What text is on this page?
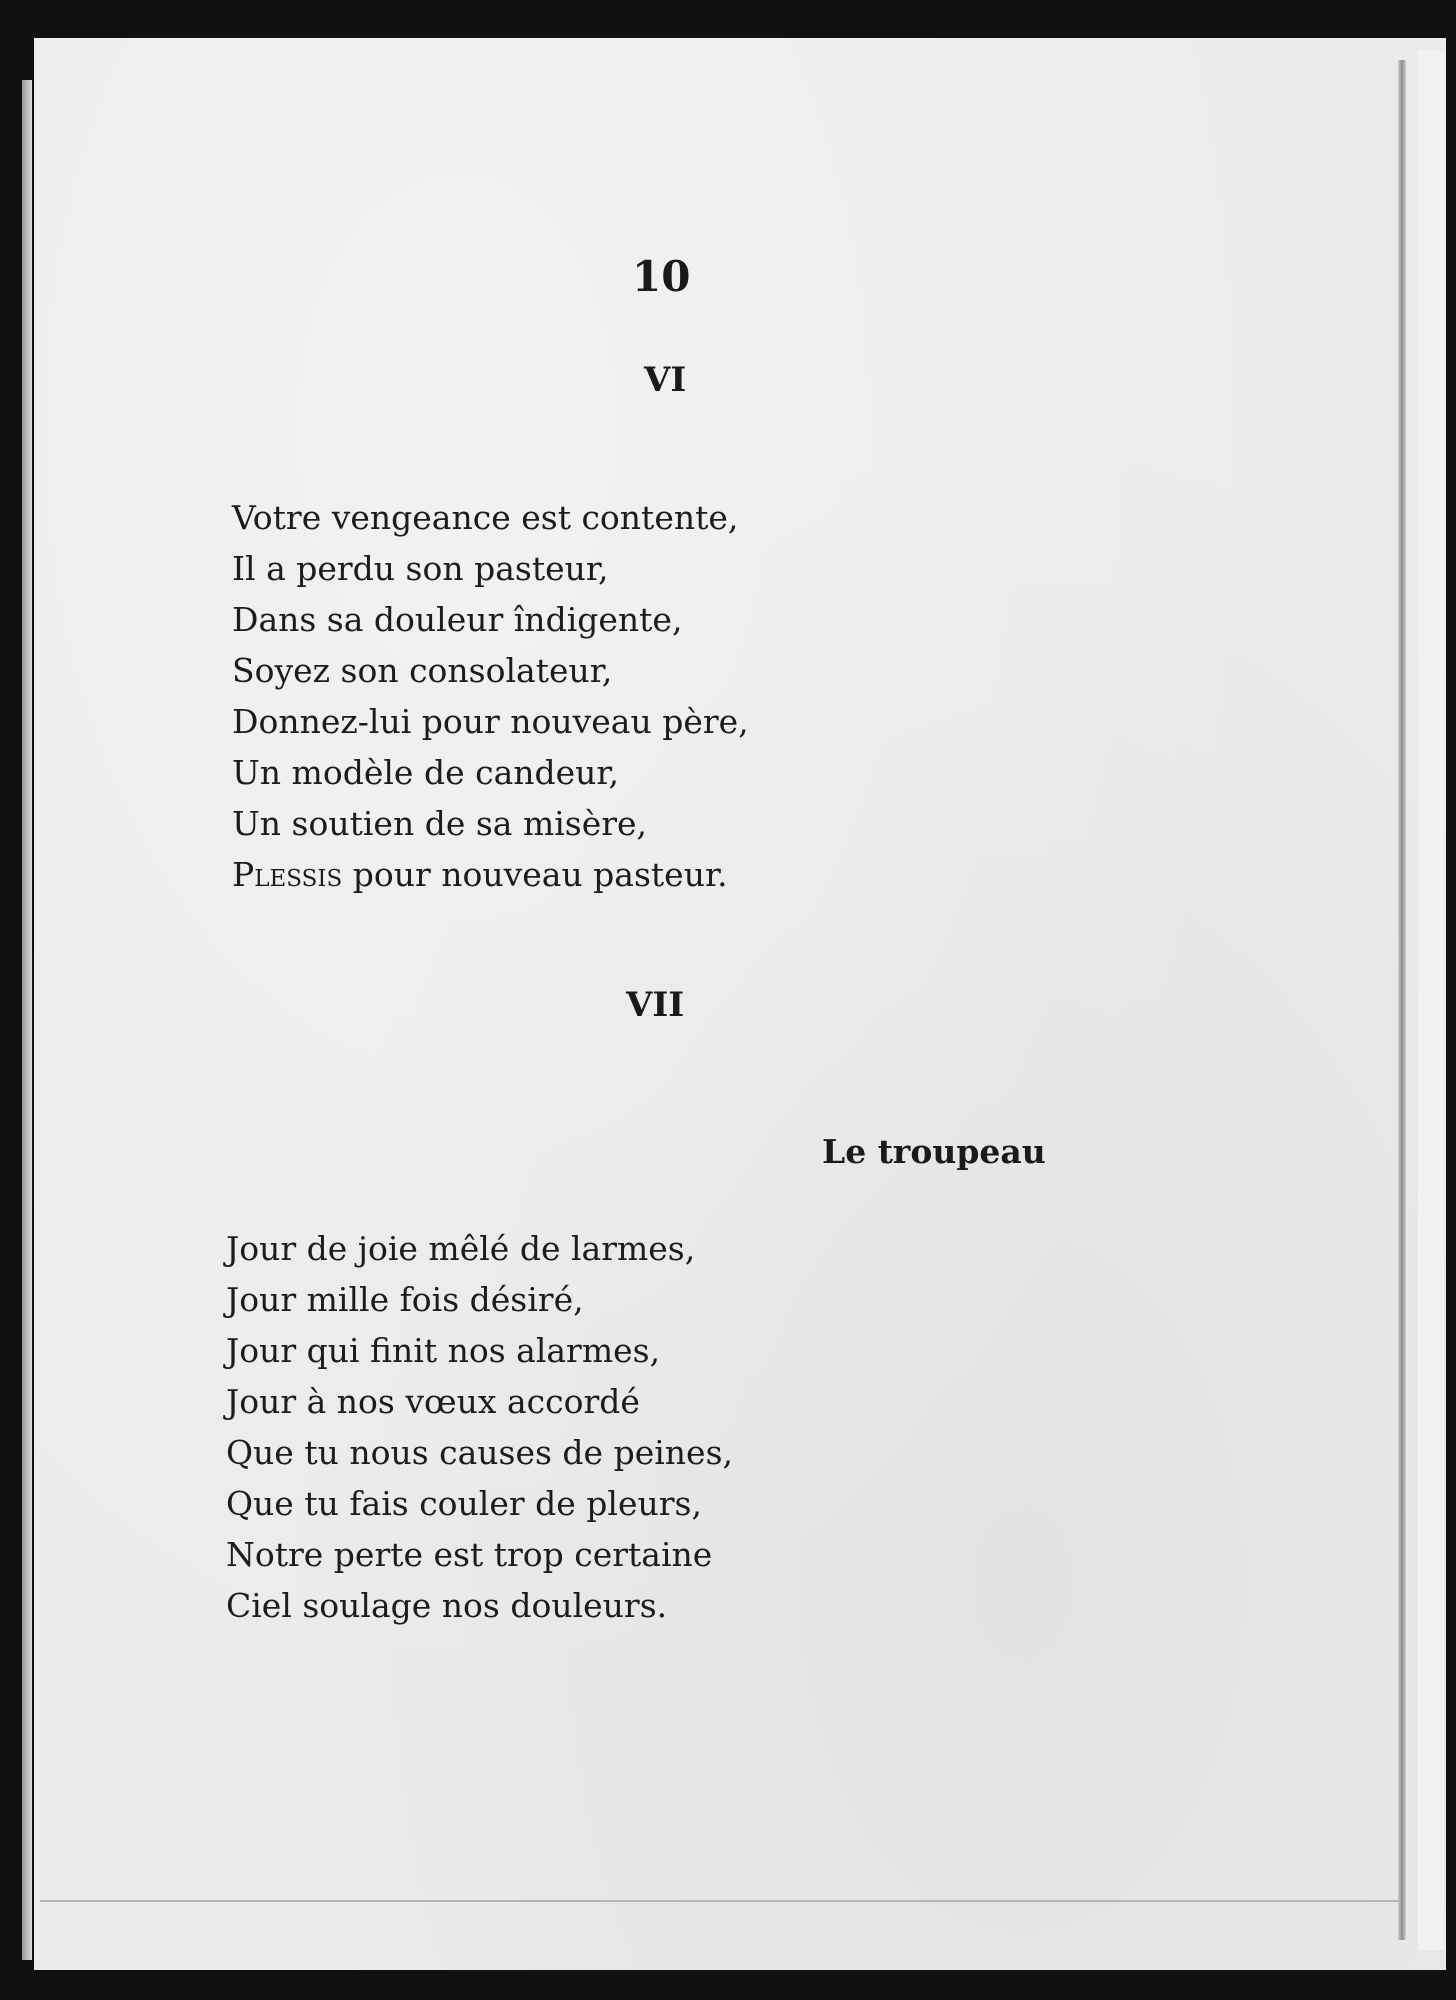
10
VI
Votre vengeance est contente,
Il a perdu son pasteur,
Dans sa douleur îndigente,
Soyez son consolateur,
Donnez-lui pour nouveau père,
Un modèle de candeur,
Un soutien de sa misère,
Plessis pour nouveau pasteur.
VII
Le troupeau
Jour de joie mêlé de larmes,
Jour mille fois désiré,
Jour qui finit nos alarmes,
Jour à nos vœux accordé
Que tu nous causes de peines,
Que tu fais couler de pleurs,
Notre perte est trop certaine
Ciel soulage nos douleurs.
